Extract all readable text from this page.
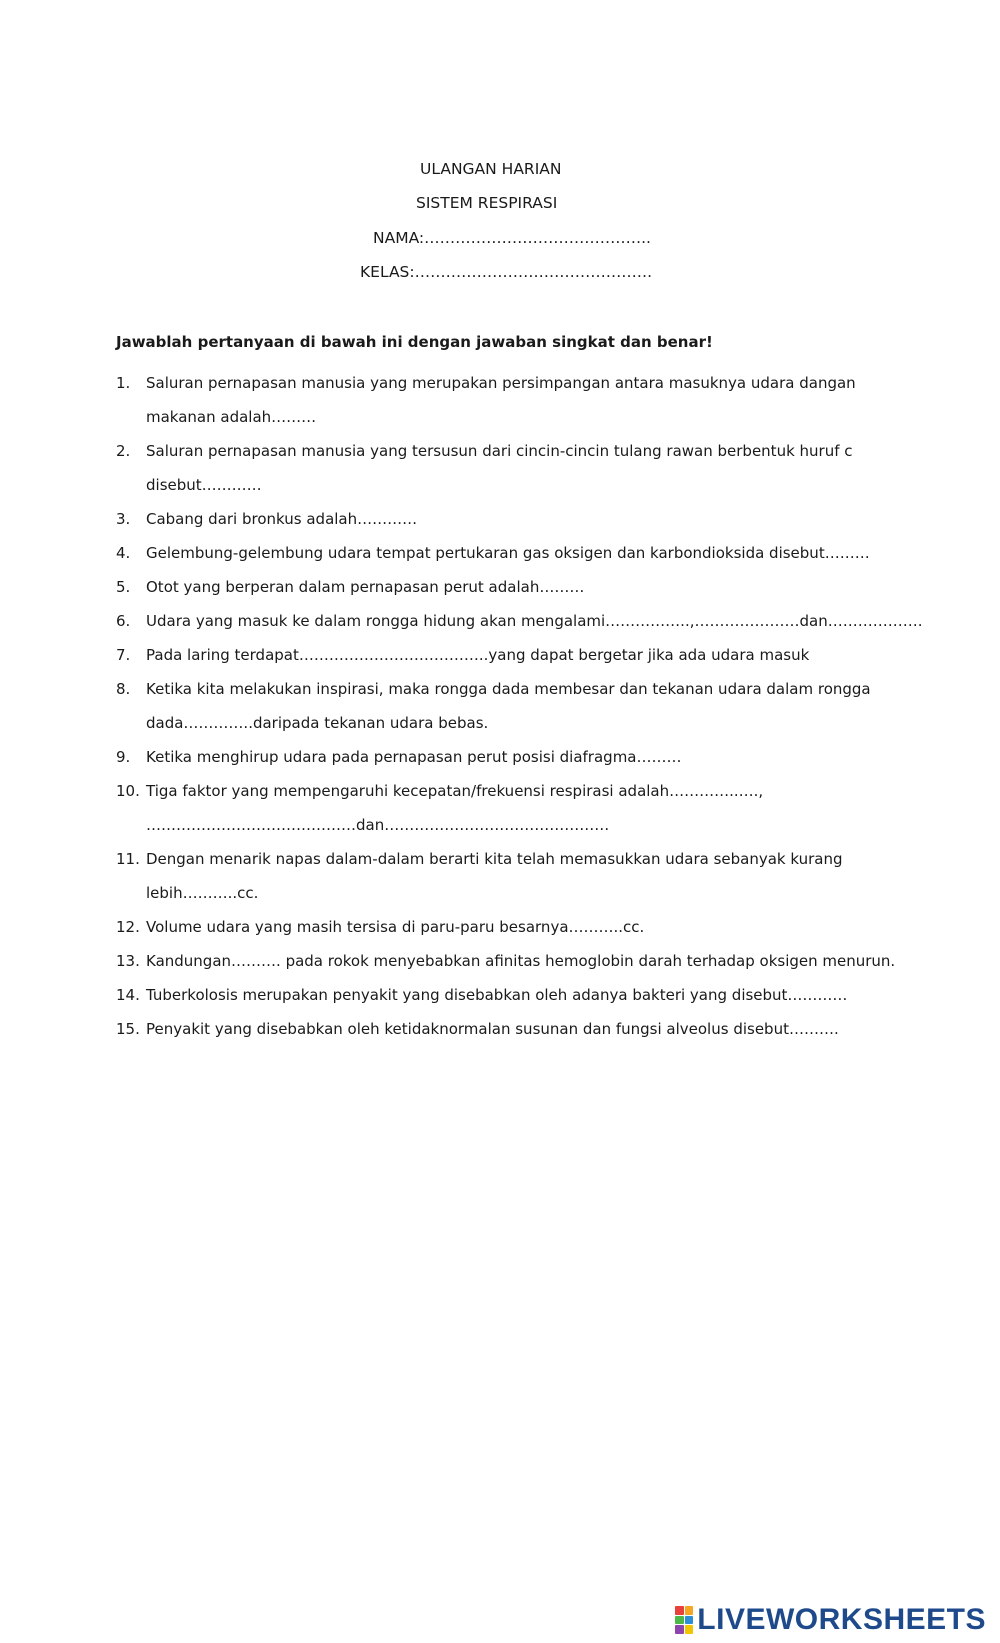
ULANGAN HARIAN
SISTEM RESPIRASI
NAMA:……………………………………..
KELAS:……………………………………….
Jawablah pertanyaan di bawah ini dengan jawaban singkat dan benar!
1.	Saluran pernapasan manusia yang merupakan persimpangan antara masuknya udara dangan
makanan adalah………
2.	Saluran pernapasan manusia yang tersusun dari cincin-cincin tulang rawan berbentuk huruf c
disebut…………
3.	Cabang dari bronkus adalah…………
4.	Gelembung-gelembung udara tempat pertukaran gas oksigen dan karbondioksida disebut………
5.	Otot yang berperan dalam pernapasan perut adalah………
6.	Udara yang masuk ke dalam rongga hidung akan mengalami……………..,…………………dan……………….
7.	Pada laring terdapat………………………………..yang dapat bergetar jika ada udara masuk
8.	Ketika kita melakukan inspirasi, maka rongga dada membesar dan tekanan udara dalam rongga
dada…………..daripada tekanan udara bebas.
9.	Ketika menghirup udara pada pernapasan perut posisi diafragma………
10. Tiga faktor yang mempengaruhi kecepatan/frekuensi respirasi adalah…………..….,
……………………………………dan………………………………………
11. Dengan menarik napas dalam-dalam berarti kita telah memasukkan udara sebanyak kurang
lebih………..cc.
12. Volume udara yang masih tersisa di paru-paru besarnya………..cc.
13. Kandungan………. pada rokok menyebabkan afinitas hemoglobin darah terhadap oksigen menurun.
14. Tuberkolosis merupakan penyakit yang disebabkan oleh adanya bakteri yang disebut…………
15. Penyakit yang disebabkan oleh ketidaknormalan susunan dan fungsi alveolus disebut……….
LIVEWORKSHEETS
